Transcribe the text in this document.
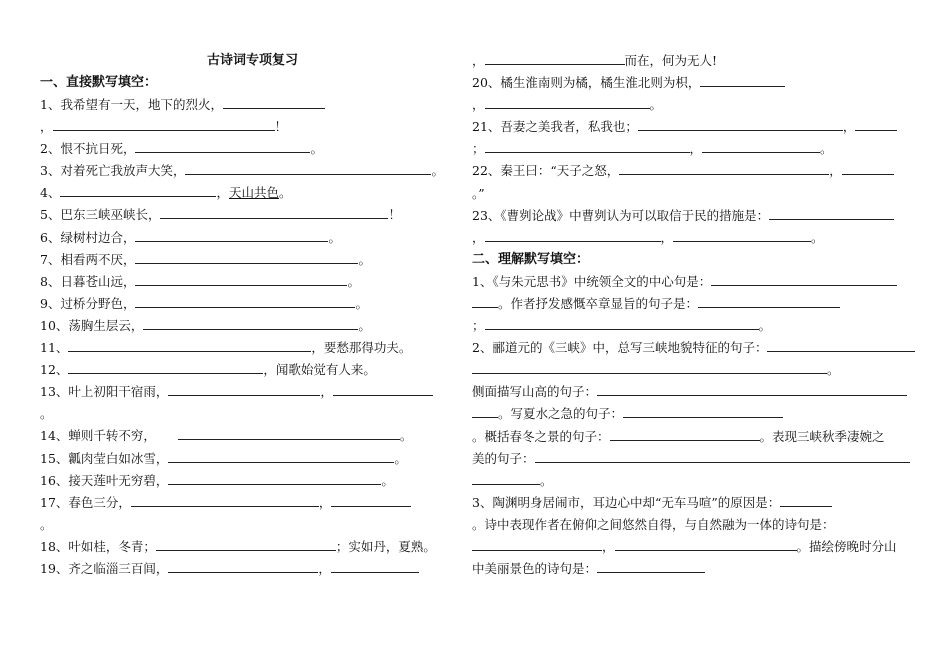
古诗词专项复习
一、直接默写填空：
1、我希望有一天，地下的烈火，
，	！
2、恨不抗日死，	。
3、对着死亡我放声大笑，	。
4、	，天山共色。
5、巴东三峡巫峡长，	！
6、绿树村边合，	。
7、相看两不厌，	。
8、日暮苍山远，	。
9、过桥分野色，	。
10、荡胸生层云，	。
11、	，要愁那得功夫。
12、	，闻歌始觉有人来。
13、叶上初阳干宿雨，	，
。
14、蝉则千转不穷，	。
15、瓤肉莹白如冰雪，	。
16、接天莲叶无穷碧，	。
17、春色三分，	，
。
18、叶如桂，冬青；	；实如丹，夏熟。
19、齐之临淄三百闾，	，
，	而在，何为无人!
20、橘生淮南则为橘，橘生淮北则为枳，
，	。
21、吾妻之美我者，私我也；	，
；	，	。
22、秦王曰：“天子之怒，	，
。”
23、《曹刿论战》中曹刿认为可以取信于民的措施是：
，	，	。
二、理解默写填空：
1、《与朱元思书》中统领全文的中心句是：
。作者抒发感慨卒章显旨的句子是：
；	。
2、郦道元的《三峡》中，总写三峡地貌特征的句子：
。
侧面描写山高的句子：
。写夏水之急的句子：
。概括春冬之景的句子：	。表现三峡秋季凄婉之
美的句子：
。
3、陶渊明身居闹市，耳边心中却“无车马喧”的原因是：
。诗中表现作者在俯仰之间悠然自得，与自然融为一体的诗句是：
，	。描绘傍晚时分山
中美丽景色的诗句是：
